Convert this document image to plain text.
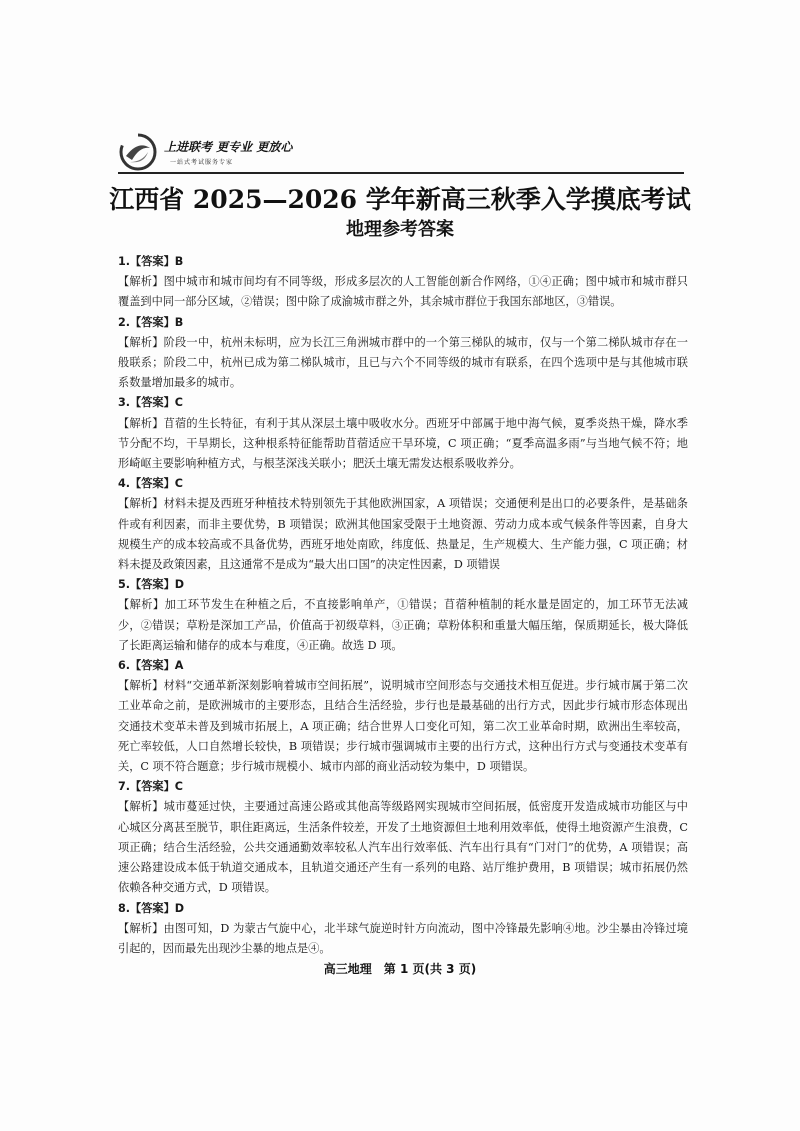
上进联考 更专业 更放心
一站式考试服务专家
江西省 2025—2026 学年新高三秋季入学摸底考试
地理参考答案
1.【答案】B
【解析】图中城市和城市间均有不同等级，形成多层次的人工智能创新合作网络，①④正确；图中城市和城市群只覆盖到中同一部分区域，②错误；图中除了成渝城市群之外，其余城市群位于我国东部地区，③错误。
2.【答案】B
【解析】阶段一中，杭州未标明，应为长江三角洲城市群中的一个第三梯队的城市，仅与一个第二梯队城市存在一般联系；阶段二中，杭州已成为第二梯队城市，且已与六个不同等级的城市有联系，在四个选项中是与其他城市联系数量增加最多的城市。
3.【答案】C
【解析】苜蓿的生长特征，有利于其从深层土壤中吸收水分。西班牙中部属于地中海气候，夏季炎热干燥，降水季节分配不均，干旱期长，这种根系特征能帮助苜蓿适应干旱环境，C 项正确；“夏季高温多雨”与当地气候不符；地形崎岖主要影响种植方式，与根茎深浅关联小；肥沃土壤无需发达根系吸收养分。
4.【答案】C
【解析】材料未提及西班牙种植技术特别领先于其他欧洲国家，A 项错误；交通便利是出口的必要条件，是基础条件或有利因素，而非主要优势，B 项错误；欧洲其他国家受限于土地资源、劳动力成本或气候条件等因素，自身大规模生产的成本较高或不具备优势，西班牙地处南欧，纬度低、热量足，生产规模大、生产能力强，C 项正确；材料未提及政策因素，且这通常不是成为“最大出口国”的决定性因素，D 项错误
5.【答案】D
【解析】加工环节发生在种植之后，不直接影响单产，①错误；苜蓿种植制的耗水量是固定的，加工环节无法减少，②错误；草粉是深加工产品，价值高于初级草料，③正确；草粉体积和重量大幅压缩，保质期延长，极大降低了长距离运输和储存的成本与难度，④正确。故选 D 项。
6.【答案】A
【解析】材料“交通革新深刻影响着城市空间拓展”，说明城市空间形态与交通技术相互促进。步行城市属于第二次工业革命之前，是欧洲城市的主要形态，且结合生活经验，步行也是最基础的出行方式，因此步行城市形态体现出交通技术变革未普及到城市拓展上，A 项正确；结合世界人口变化可知，第二次工业革命时期，欧洲出生率较高，死亡率较低，人口自然增长较快，B 项错误；步行城市强调城市主要的出行方式，这种出行方式与变通技术变革有关，C 项不符合题意；步行城市规模小、城市内部的商业活动较为集中，D 项错误。
7.【答案】C
【解析】城市蔓延过快，主要通过高速公路或其他高等级路网实现城市空间拓展，低密度开发造成城市功能区与中心城区分离甚至脱节，职住距离远，生活条件较差，开发了土地资源但土地利用效率低，使得土地资源产生浪费，C 项正确；结合生活经验，公共交通通勤效率较私人汽车出行效率低、汽车出行具有“门对门”的优势，A 项错误；高速公路建设成本低于轨道交通成本，且轨道交通还产生有一系列的电路、站厅维护费用，B 项错误；城市拓展仍然依赖各种交通方式，D 项错误。
8.【答案】D
【解析】由图可知，D 为蒙古气旋中心，北半球气旋逆时针方向流动，图中冷锋最先影响④地。沙尘暴由冷锋过境引起的，因而最先出现沙尘暴的地点是④。
高三地理　第 1 页(共 3 页)
